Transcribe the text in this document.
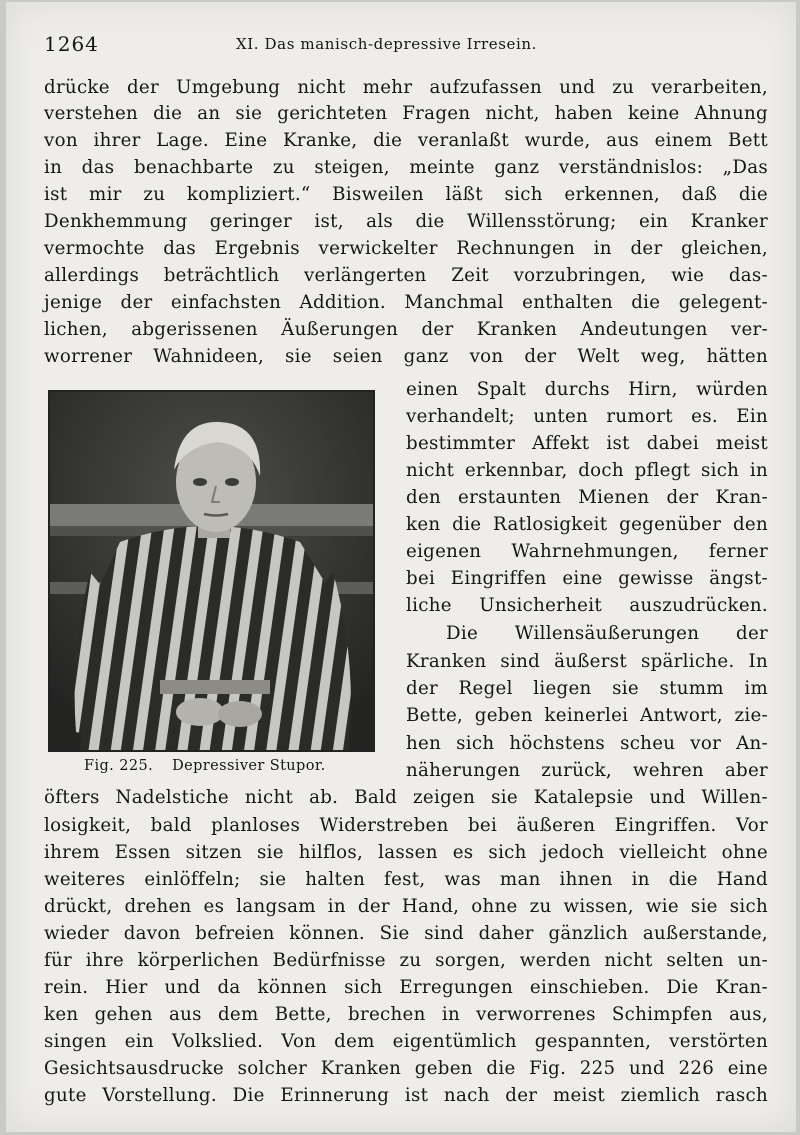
1264	XI. Das manisch-depressive Irresein.
drücke der Umgebung nicht mehr aufzufassen und zu verarbeiten,
verstehen die an sie gerichteten Fragen nicht, haben keine Ahnung
von ihrer Lage. Eine Kranke, die veranlaßt wurde, aus einem Bett
in das benachbarte zu steigen, meinte ganz verständnislos: „Das
ist mir zu kompliziert.“ Bisweilen läßt sich erkennen, daß die
Denkhemmung geringer ist, als die Willensstörung; ein Kranker
vermochte das Ergebnis verwickelter Rechnungen in der gleichen,
allerdings beträchtlich verlängerten Zeit vorzubringen, wie das-
jenige der einfachsten Addition. Manchmal enthalten die gelegent-
lichen, abgerissenen Äußerungen der Kranken Andeutungen ver-
worrener Wahnideen, sie seien ganz von der Welt weg, hätten
Fig. 225. Depressiver Stupor.
einen Spalt durchs Hirn, würden
verhandelt; unten rumort es. Ein
bestimmter Affekt ist dabei meist
nicht erkennbar, doch pflegt sich in
den erstaunten Mienen der Kran-
ken die Ratlosigkeit gegenüber den
eigenen Wahrnehmungen, ferner
bei Eingriffen eine gewisse ängst-
liche Unsicherheit auszudrücken.
Die Willensäußerungen der
Kranken sind äußerst spärliche. In
der Regel liegen sie stumm im
Bette, geben keinerlei Antwort, zie-
hen sich höchstens scheu vor An-
näherungen zurück, wehren aber
öfters Nadelstiche nicht ab. Bald zeigen sie Katalepsie und Willen-
losigkeit, bald planloses Widerstreben bei äußeren Eingriffen. Vor
ihrem Essen sitzen sie hilflos, lassen es sich jedoch vielleicht ohne
weiteres einlöffeln; sie halten fest, was man ihnen in die Hand
drückt, drehen es langsam in der Hand, ohne zu wissen, wie sie sich
wieder davon befreien können. Sie sind daher gänzlich außerstande,
für ihre körperlichen Bedürfnisse zu sorgen, werden nicht selten un-
rein. Hier und da können sich Erregungen einschieben. Die Kran-
ken gehen aus dem Bette, brechen in verworrenes Schimpfen aus,
singen ein Volkslied. Von dem eigentümlich gespannten, verstörten
Gesichtsausdrucke solcher Kranken geben die Fig. 225 und 226 eine
gute Vorstellung. Die Erinnerung ist nach der meist ziemlich rasch
